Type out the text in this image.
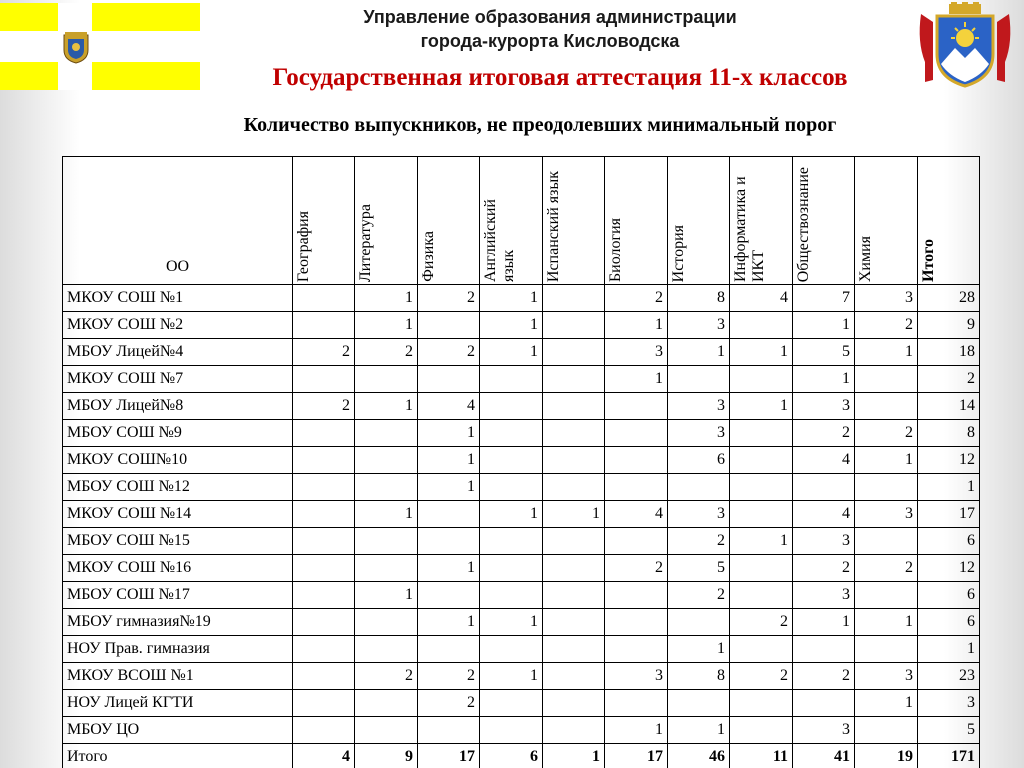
Управление образования администрации
города-курорта Кисловодска
Государственная итоговая аттестация 11-х классов
Количество выпускников, не преодолевших минимальный порог
ОО	География	Литература	Физика	Английский язык	Испанский язык	Биология	История	Информатика и ИКТ	Обществознание	Химия	Итого

МКОУ СОШ №1		1	2	1		2	8	4	7	3	28
МКОУ СОШ №2		1		1		1	3		1	2	9
МБОУ Лицей№4	2	2	2	1		3	1	1	5	1	18
МКОУ СОШ №7						1			1		2
МБОУ Лицей№8	2	1	4				3	1	3		14
МБОУ СОШ №9			1				3		2	2	8
МКОУ СОШ№10			1				6		4	1	12
МБОУ СОШ №12			1								1
МКОУ СОШ №14		1		1	1	4	3		4	3	17
МБОУ СОШ №15							2	1	3		6
МКОУ СОШ №16			1			2	5		2	2	12
МБОУ СОШ №17		1					2		3		6
МБОУ гимназия№19			1	1				2	1	1	6
НОУ Прав. гимназия							1				1
МКОУ ВСОШ №1		2	2	1		3	8	2	2	3	23
НОУ Лицей КГТИ			2							1	3
МБОУ ЦО						1	1		3		5
Итого	4	9	17	6	1	17	46	11	41	19	171
